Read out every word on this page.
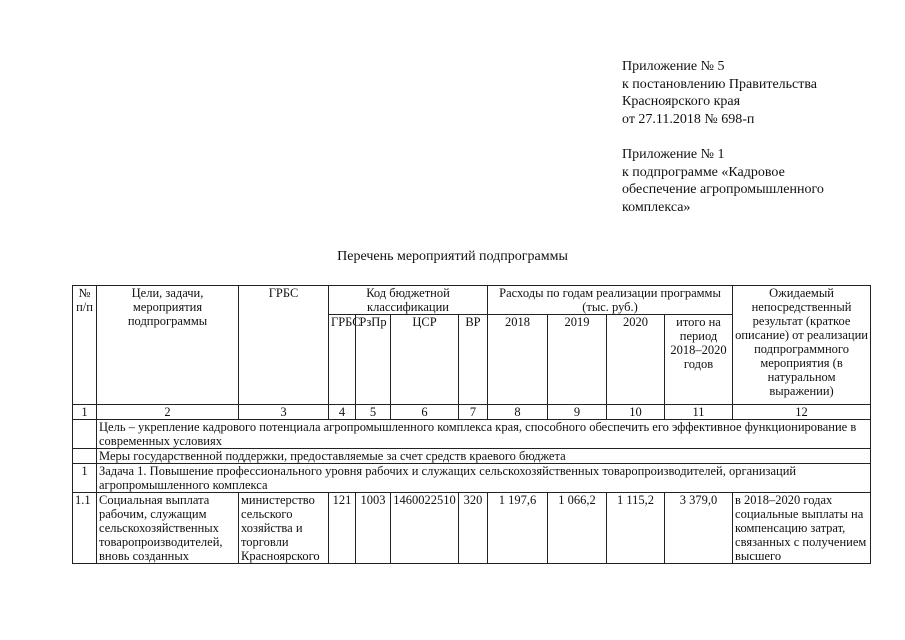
Приложение № 5
к постановлению Правительства
Красноярского края
от 27.11.2018 № 698-п
Приложение № 1
к подпрограмме «Кадровое
обеспечение агропромышленного
комплекса»
Перечень мероприятий подпрограммы
№ п/п	Цели, задачи, мероприятия подпрограммы	ГРБС	Код бюджетной классификации				Расходы по годам реализации программы (тыс. руб.)				Ожидаемый непосредственный результат (краткое описание) от реализации подпрограммного мероприятия (в натуральном выражении)
			ГРБС	РзПр	ЦСР	ВР	2018	2019	2020	итого на период 2018–2020 годов	
1	2	3	4	5	6	7	8	9	10	11	12
	Цель – укрепление кадрового потенциала агропромышленного комплекса края, способного обеспечить его эффективное функционирование в современных условиях										
	Меры государственной поддержки, предоставляемые за счет средств краевого бюджета										
1	Задача 1. Повышение профессионального уровня рабочих и служащих сельскохозяйственных товаропроизводителей, организаций агропромышленного комплекса										
1.1	Социальная выплата рабочим, служащим сельскохозяйственных товаропроизводителей, вновь созданных	министерство сельского хозяйства и торговли Красноярского	121	1003	1460022510	320	1 197,6	1 066,2	1 115,2	3 379,0	в 2018–2020 годах социальные выплаты на компенсацию затрат, связанных с получением высшего
